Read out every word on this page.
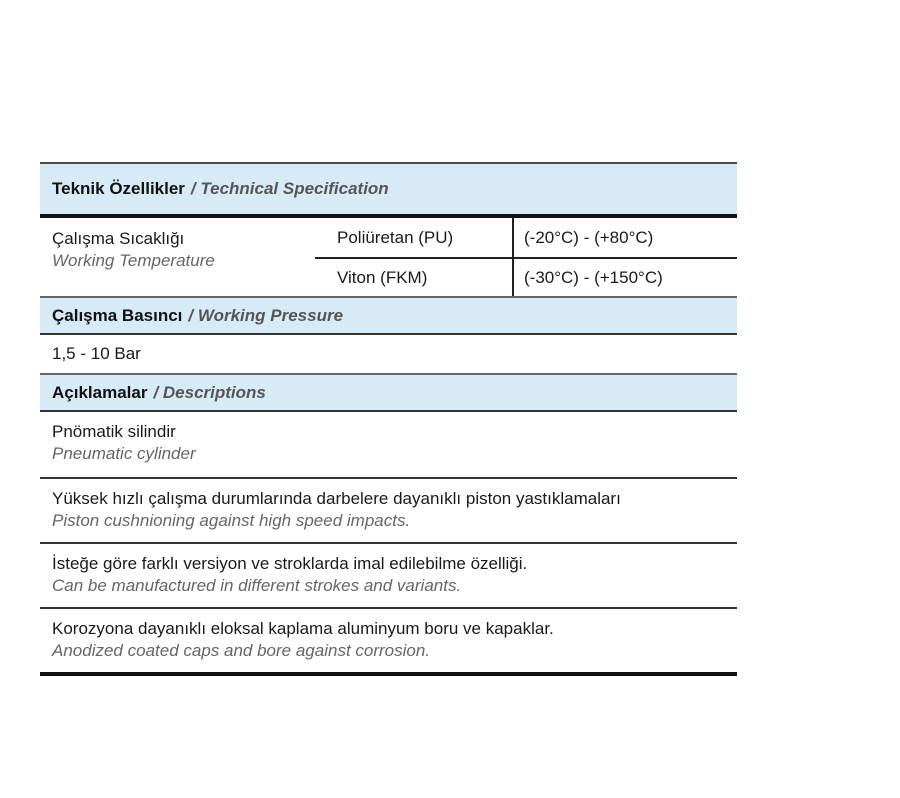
Teknik Özellikler / Technical Specification
Çalışma Sıcaklığı
Working Temperature
Poliüretan (PU)	(-20°C) - (+80°C)
Viton (FKM)	(-30°C) - (+150°C)
Çalışma Basıncı / Working Pressure
1,5 - 10 Bar
Açıklamalar / Descriptions
Pnömatik silindir
Pneumatic cylinder
Yüksek hızlı çalışma durumlarında darbelere dayanıklı piston yastıklamaları
Piston cushnioning against high speed impacts.
İsteğe göre farklı versiyon ve stroklarda imal edilebilme özelliği.
Can be manufactured in different strokes and variants.
Korozyona dayanıklı eloksal kaplama aluminyum boru ve kapaklar.
Anodized coated caps and bore against corrosion.
